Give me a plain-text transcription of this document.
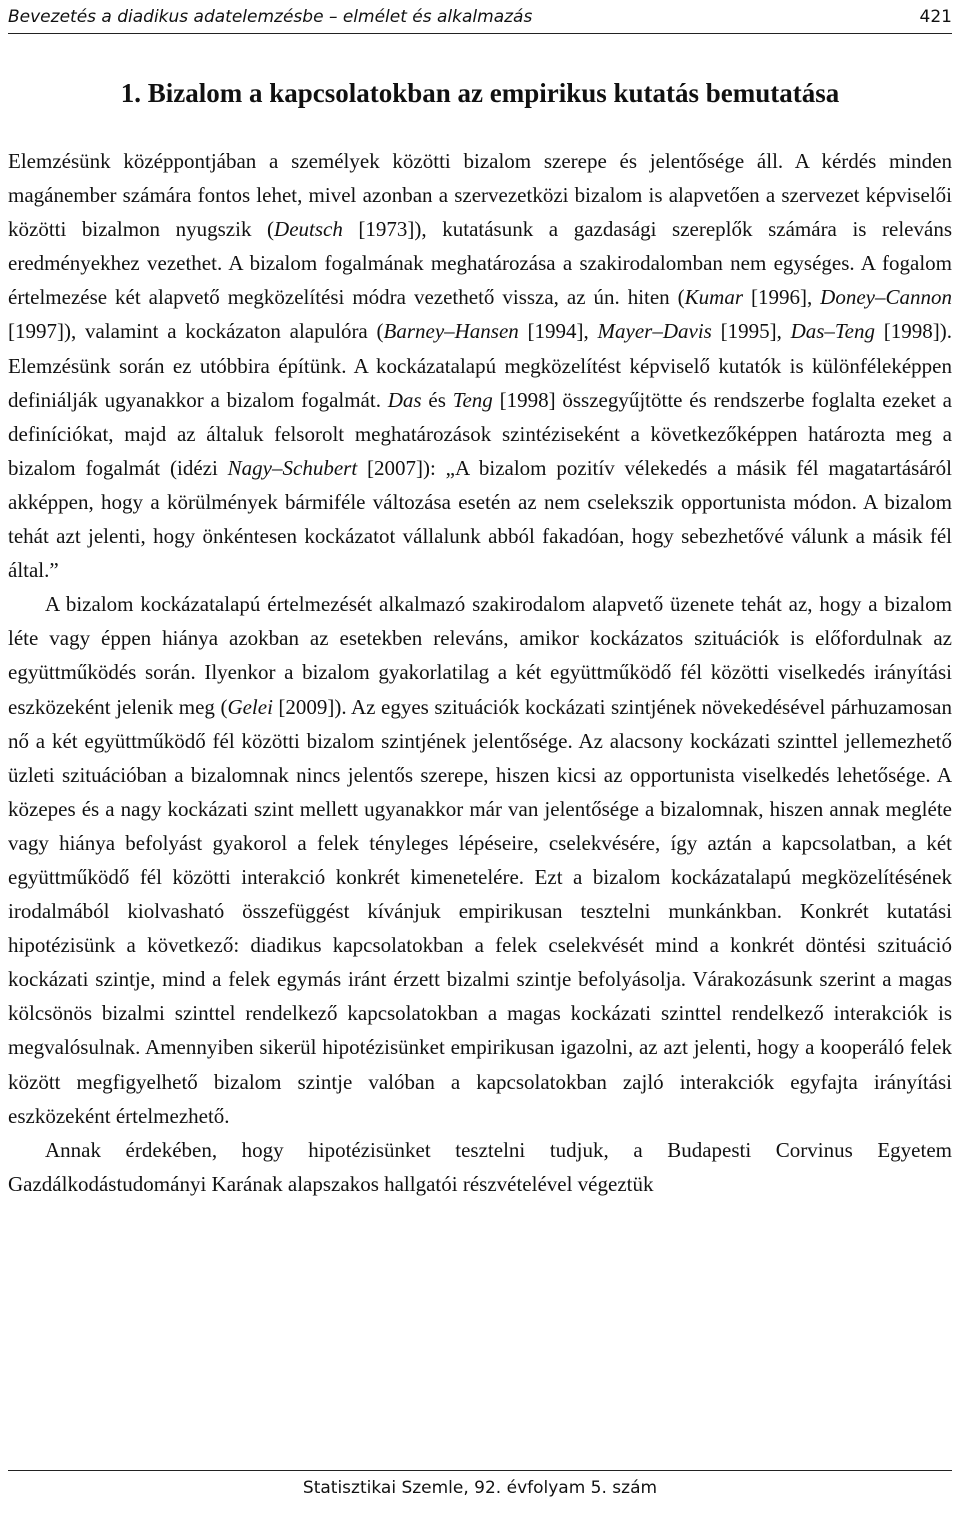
Bevezetés a diadikus adatelemzésbe – elmélet és alkalmazás	421
1. Bizalom a kapcsolatokban az empirikus kutatás bemutatása

Elemzésünk középpontjában a személyek közötti bizalom szerepe és jelentősége áll. A kérdés minden magánember számára fontos lehet, mivel azonban a szervezetközi bizalom is alapvetően a szervezet képviselői közötti bizalmon nyugszik (Deutsch [1973]), kutatásunk a gazdasági szereplők számára is releváns eredményekhez vezethet. A bizalom fogalmának meghatározása a szakirodalomban nem egységes. A fogalom értelmezése két alapvető megközelítési módra vezethető vissza, az ún. hiten (Kumar [1996], Doney–Cannon [1997]), valamint a kockázaton alapulóra (Barney–Hansen [1994], Mayer–Davis [1995], Das–Teng [1998]). Elemzésünk során ez utóbbira építünk. A kockázatalapú megközelítést képviselő kutatók is különféleképpen definiálják ugyanakkor a bizalom fogalmát. Das és Teng [1998] összegyűjtötte és rendszerbe foglalta ezeket a definíciókat, majd az általuk felsorolt meghatározások szintéziseként a következőképpen határozta meg a bizalom fogalmát (idézi Nagy–Schubert [2007]): „A bizalom pozitív vélekedés a másik fél magatartásáról akképpen, hogy a körülmények bármiféle változása esetén az nem cselekszik opportunista módon. A bizalom tehát azt jelenti, hogy önkéntesen kockázatot vállalunk abból fakadóan, hogy sebezhetővé válunk a másik fél által.”

A bizalom kockázatalapú értelmezését alkalmazó szakirodalom alapvető üzenete tehát az, hogy a bizalom léte vagy éppen hiánya azokban az esetekben releváns, amikor kockázatos szituációk is előfordulnak az együttműködés során. Ilyenkor a bizalom gyakorlatilag a két együttműködő fél közötti viselkedés irányítási eszközeként jelenik meg (Gelei [2009]). Az egyes szituációk kockázati szintjének növekedésével párhuzamosan nő a két együttműködő fél közötti bizalom szintjének jelentősége. Az alacsony kockázati szinttel jellemezhető üzleti szituációban a bizalomnak nincs jelentős szerepe, hiszen kicsi az opportunista viselkedés lehetősége. A közepes és a nagy kockázati szint mellett ugyanakkor már van jelentősége a bizalomnak, hiszen annak megléte vagy hiánya befolyást gyakorol a felek tényleges lépéseire, cselekvésére, így aztán a kapcsolatban, a két együttműködő fél közötti interakció konkrét kimenetelére. Ezt a bizalom kockázatalapú megközelítésének irodalmából kiolvasható összefüggést kívánjuk empirikusan tesztelni munkánkban. Konkrét kutatási hipotézisünk a következő: diadikus kapcsolatokban a felek cselekvését mind a konkrét döntési szituáció kockázati szintje, mind a felek egymás iránt érzett bizalmi szintje befolyásolja. Várakozásunk szerint a magas kölcsönös bizalmi szinttel rendelkező kapcsolatokban a magas kockázati szinttel rendelkező interakciók is megvalósulnak. Amennyiben sikerül hipotézisünket empirikusan igazolni, az azt jelenti, hogy a kooperáló felek között megfigyelhető bizalom szintje valóban a kapcsolatokban zajló interakciók egyfajta irányítási eszközeként értelmezhető.

Annak érdekében, hogy hipotézisünket tesztelni tudjuk, a Budapesti Corvinus Egyetem Gazdálkodástudományi Karának alapszakos hallgatói részvételével végeztük

Statisztikai Szemle, 92. évfolyam 5. szám
